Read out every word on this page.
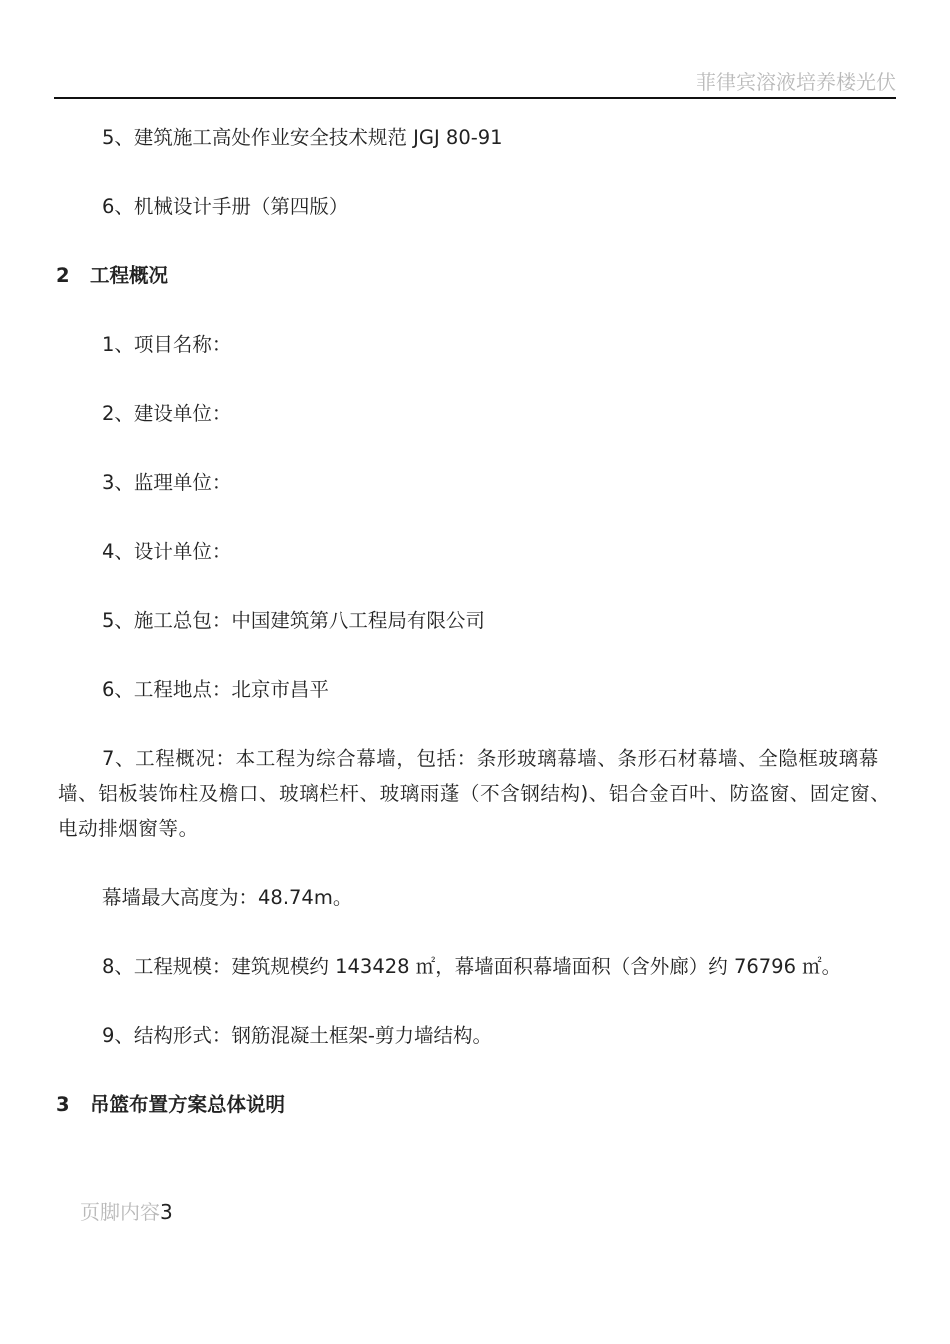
菲律宾溶液培养楼光伏
5、建筑施工高处作业安全技术规范 JGJ 80-91
6、机械设计手册（第四版）
2 工程概况
1、项目名称：
2、建设单位：
3、监理单位：
4、设计单位：
5、施工总包：中国建筑第八工程局有限公司
6、工程地点：北京市昌平
7、工程概况：本工程为综合幕墙，包括：条形玻璃幕墙、条形石材幕墙、全隐框玻璃幕墙、铝板装饰柱及檐口、玻璃栏杆、玻璃雨蓬（不含钢结构)、铝合金百叶、防盗窗、固定窗、电动排烟窗等。
幕墙最大高度为：48.74m。
8、工程规模：建筑规模约 143428 ㎡，幕墙面积幕墙面积（含外廊）约 76796 ㎡。
9、结构形式：钢筋混凝土框架-剪力墙结构。
3 吊篮布置方案总体说明
页脚内容3
